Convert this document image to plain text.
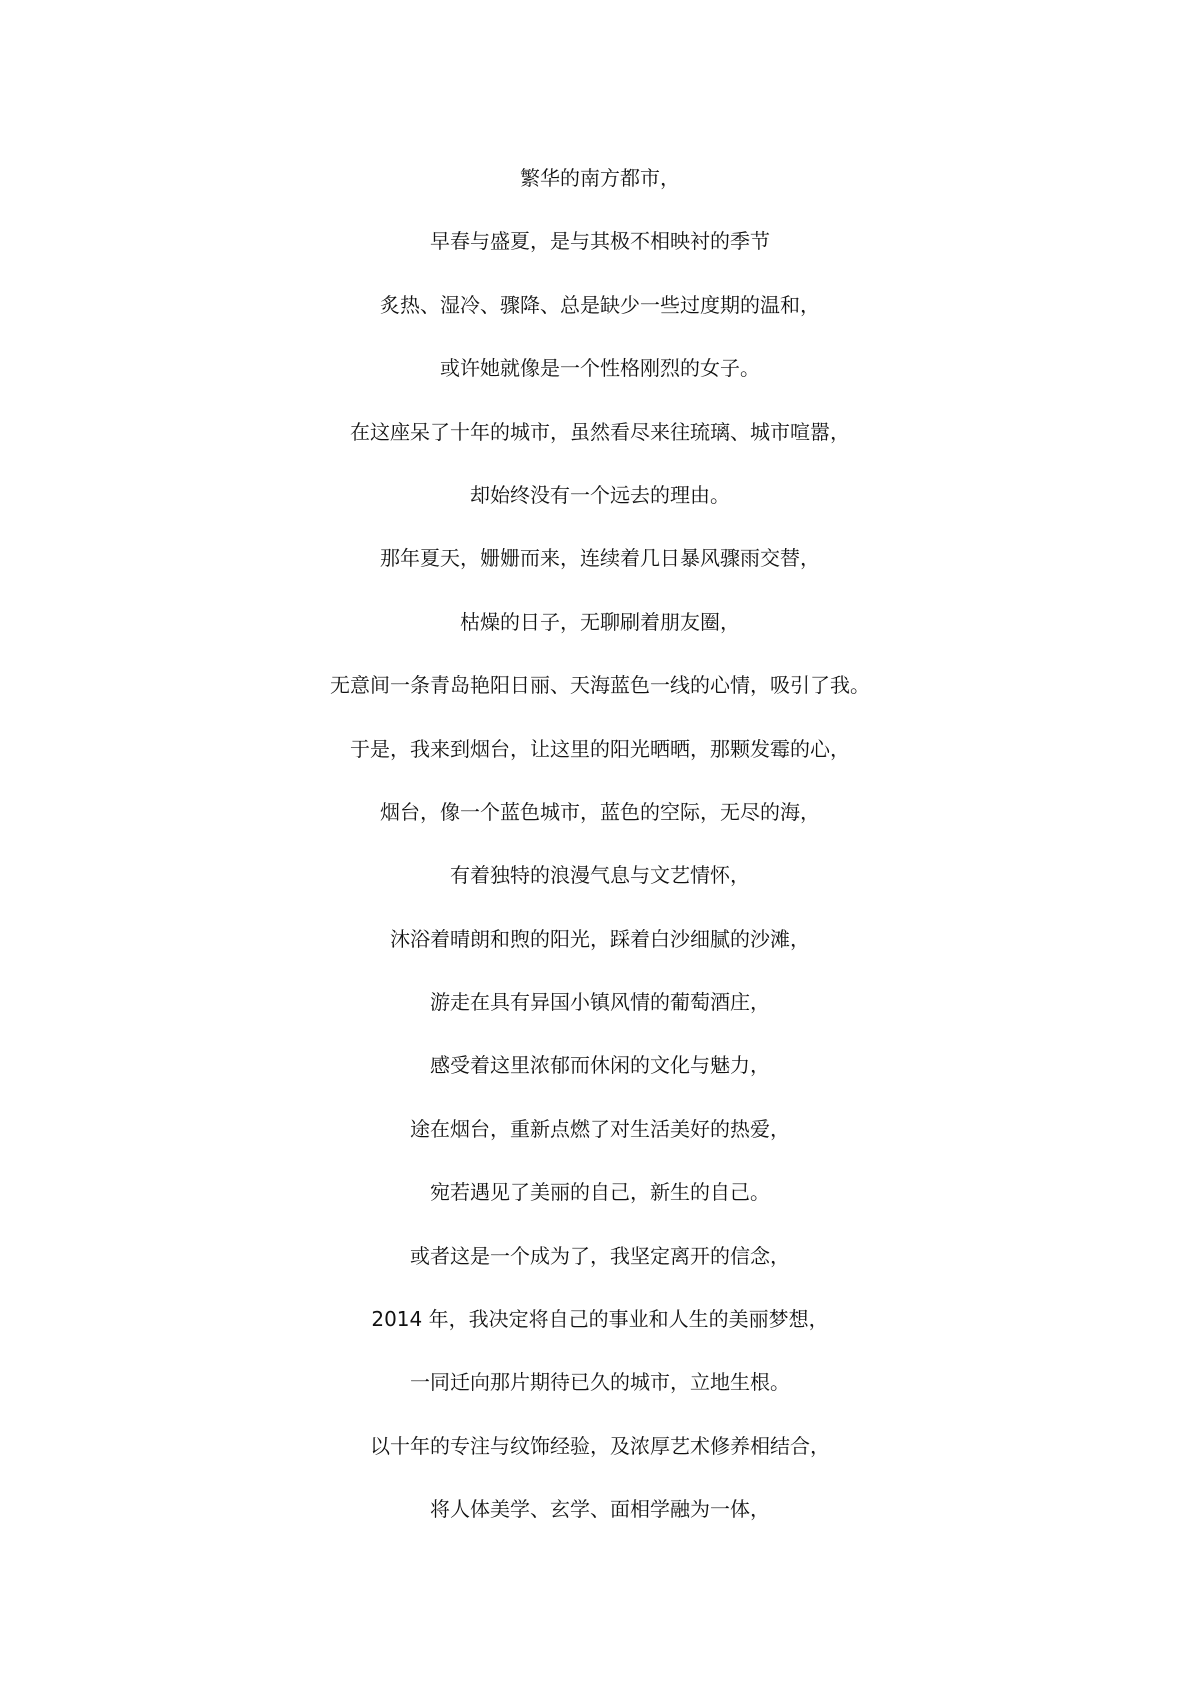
繁华的南方都市，
早春与盛夏，是与其极不相映衬的季节
炙热、湿冷、骤降、总是缺少一些过度期的温和，
或许她就像是一个性格刚烈的女子。
在这座呆了十年的城市，虽然看尽来往琉璃、城市喧嚣，
却始终没有一个远去的理由。
那年夏天，姗姗而来，连续着几日暴风骤雨交替，
枯燥的日子，无聊刷着朋友圈，
无意间一条青岛艳阳日丽、天海蓝色一线的心情，吸引了我。
于是，我来到烟台，让这里的阳光晒晒，那颗发霉的心，
烟台，像一个蓝色城市，蓝色的空际，无尽的海，
有着独特的浪漫气息与文艺情怀，
沐浴着晴朗和煦的阳光，踩着白沙细腻的沙滩，
游走在具有异国小镇风情的葡萄酒庄，
感受着这里浓郁而休闲的文化与魅力，
途在烟台，重新点燃了对生活美好的热爱，
宛若遇见了美丽的自己，新生的自己。
或者这是一个成为了，我坚定离开的信念，
2014 年，我决定将自己的事业和人生的美丽梦想，
一同迁向那片期待已久的城市，立地生根。
以十年的专注与纹饰经验，及浓厚艺术修养相结合，
将人体美学、玄学、面相学融为一体，
